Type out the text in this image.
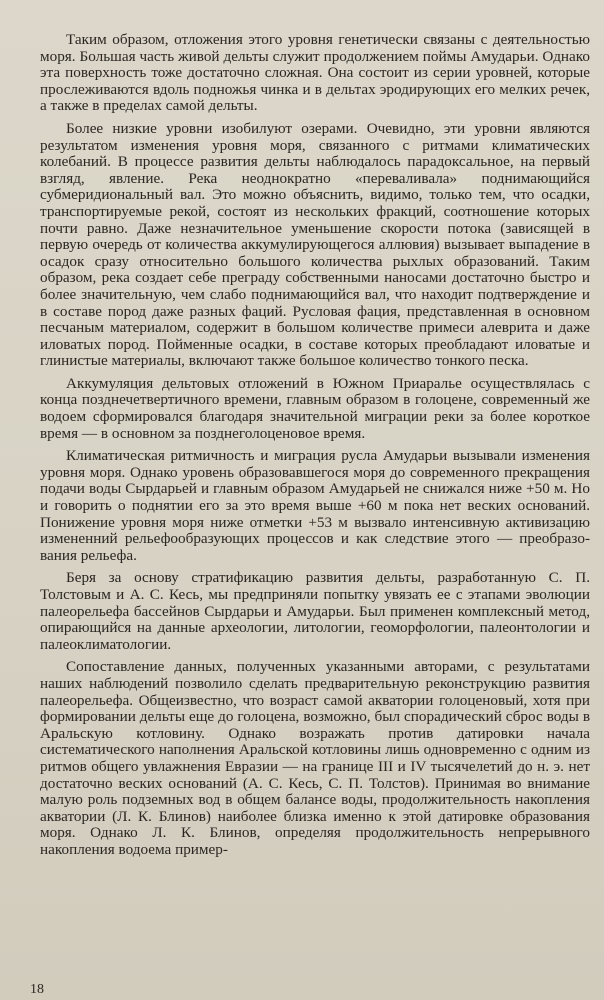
Таким образом, отложения этого уровня генетически связаны с деятельностью моря. Большая часть живой дельты служит продолжением поймы Амударьи. Однако эта поверхность тоже достаточно сложная. Она состоит из серии уровней, которые прослеживаются вдоль подножья чинка и в дельтах эродирующих его мелких речек, а также в пределах самой дельты.

Более низкие уровни изобилуют озерами. Очевидно, эти уровни являются результатом изменения уровня моря, связанного с ритмами климатических колебаний. В процессе развития дельты наблюдалось парадоксальное, на первый взгляд, явление. Река неоднократно «переваливала» поднимающийся субмеридиональный вал. Это можно объяснить, видимо, только тем, что осадки, транспортируемые рекой, состоят из нескольких фракций, соотношение которых почти равно. Даже незначительное уменьшение скорости потока (зависящей в первую очередь от количества аккумулирующегося аллювия) вызывает выпадение в осадок сразу относительно большого количества рыхлых образований. Таким образом, река создает себе преграду собственными наносами достаточно быстро и более значительную, чем слабо поднимающийся вал, что находит подтверждение и в составе пород даже разных фаций. Русловая фация, представленная в основном песчаным материалом, содержит в большом количестве примеси алеврита и даже иловатых пород. Пойменные осадки, в составе которых преобладают иловатые и глинистые материалы, включают также большое количество тонкого песка.

Аккумуляция дельтовых отложений в Южном Приаралье осуществлялась с конца позднечетвертичного времени, главным образом в голоцене, современный же водоем сформировался благодаря значительной миграции реки за более короткое время — в основном за позднеголоценовое время.

Климатическая ритмичность и миграция русла Амударьи вызывали изменения уровня моря. Однако уровень образовавшегося моря до современного прекращения подачи воды Сырдарьей и главным образом Амударьей не снижался ниже +50 м. Но и говорить о поднятии его за это время выше +60 м пока нет веских оснований. Понижение уровня моря ниже отметки +53 м вызвало интенсивную активизацию измененний рельефообразующих процессов и как следствие этого — преобразования рельефа.

Беря за основу стратификацию развития дельты, разработанную С. П. Толстовым и А. С. Кесь, мы предприняли попытку увязать ее с этапами эволюции палеорельефа бассейнов Сырдарьи и Амударьи. Был применен комплексный метод, опирающийся на данные археологии, литологии, геоморфологии, палеонтологии и палеоклиматологии.

Сопоставление данных, полученных указанными авторами, с результатами наших наблюдений позволило сделать предварительную реконструкцию развития палеорельефа. Общеизвестно, что возраст самой акватории голоценовый, хотя при формировании дельты еще до голоцена, возможно, был спорадический сброс воды в Аральскую котловину. Однако возражать против датировки начала систематического наполнения Аральской котловины лишь одновременно с одним из ритмов общего увлажнения Евразии — на границе III и IV тысячелетий до н. э. нет достаточно веских оснований (А. С. Кесь, С. П. Толстов). Принимая во внимание малую роль подземных вод в общем балансе воды, продолжительность накопления акватории (Л. К. Блинов) наиболее близка именно к этой датировке образования моря. Однако Л. К. Блинов, определяя продолжительность непрерывного накопления водоема пример-

18
